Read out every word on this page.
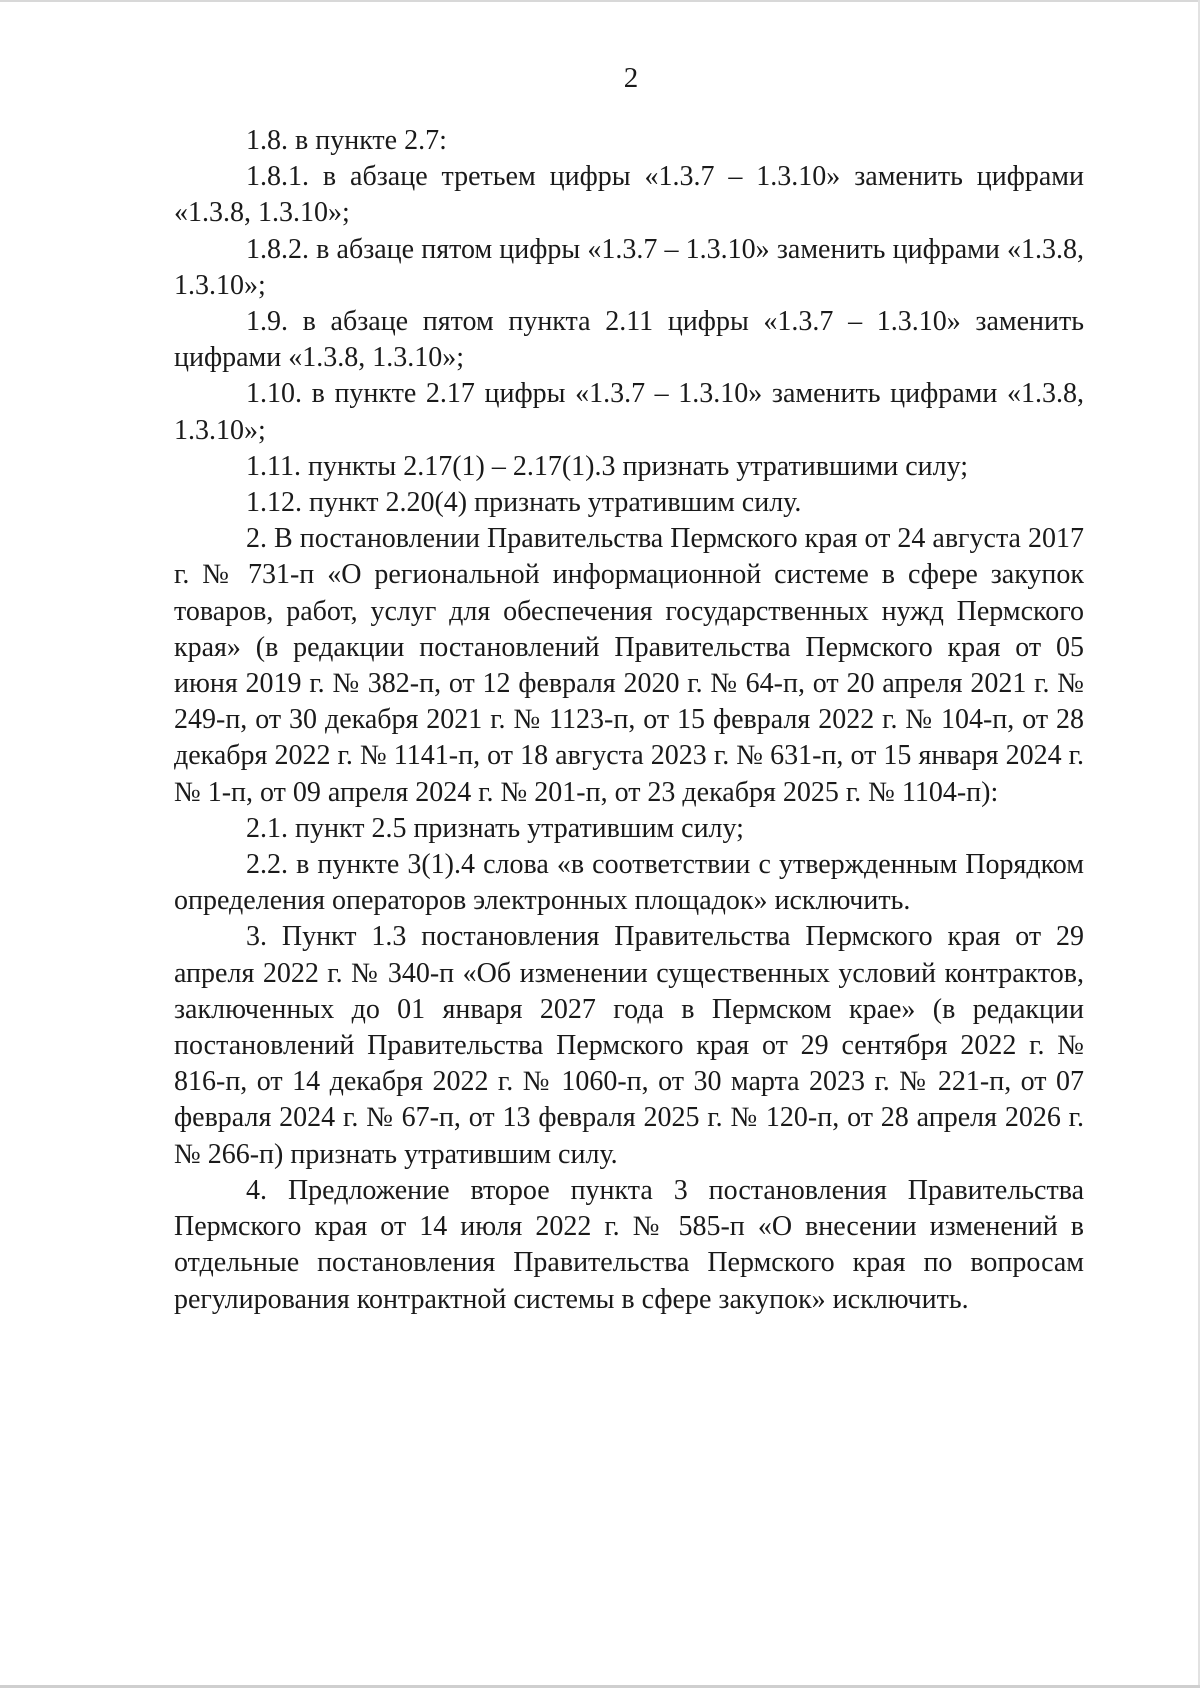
2

1.8. в пункте 2.7:

1.8.1. в абзаце третьем цифры «1.3.7 – 1.3.10» заменить цифрами «1.3.8, 1.3.10»;

1.8.2. в абзаце пятом цифры «1.3.7 – 1.3.10» заменить цифрами «1.3.8, 1.3.10»;

1.9. в абзаце пятом пункта 2.11 цифры «1.3.7 – 1.3.10» заменить цифрами «1.3.8, 1.3.10»;

1.10. в пункте 2.17 цифры «1.3.7 – 1.3.10» заменить цифрами «1.3.8, 1.3.10»;

1.11. пункты 2.17(1) – 2.17(1).3 признать утратившими силу;

1.12. пункт 2.20(4) признать утратившим силу.

2. В постановлении Правительства Пермского края от 24 августа 2017 г. № 731-п «О региональной информационной системе в сфере закупок товаров, работ, услуг для обеспечения государственных нужд Пермского края» (в редакции постановлений Правительства Пермского края от 05 июня 2019 г. № 382-п, от 12 февраля 2020 г. № 64-п, от 20 апреля 2021 г. № 249-п, от 30 декабря 2021 г. № 1123-п, от 15 февраля 2022 г. № 104-п, от 28 декабря 2022 г. № 1141-п, от 18 августа 2023 г. № 631-п, от 15 января 2024 г. № 1-п, от 09 апреля 2024 г. № 201-п, от 23 декабря 2025 г. № 1104-п):

2.1. пункт 2.5 признать утратившим силу;

2.2. в пункте 3(1).4 слова «в соответствии с утвержденным Порядком определения операторов электронных площадок» исключить.

3. Пункт 1.3 постановления Правительства Пермского края от 29 апреля 2022 г. № 340-п «Об изменении существенных условий контрактов, заключенных до 01 января 2027 года в Пермском крае» (в редакции постановлений Правительства Пермского края от 29 сентября 2022 г. № 816-п, от 14 декабря 2022 г. № 1060-п, от 30 марта 2023 г. № 221-п, от 07 февраля 2024 г. № 67-п, от 13 февраля 2025 г. № 120-п, от 28 апреля 2026 г. № 266-п) признать утратившим силу.

4. Предложение второе пункта 3 постановления Правительства Пермского края от 14 июля 2022 г. № 585-п «О внесении изменений в отдельные постановления Правительства Пермского края по вопросам регулирования контрактной системы в сфере закупок» исключить.
